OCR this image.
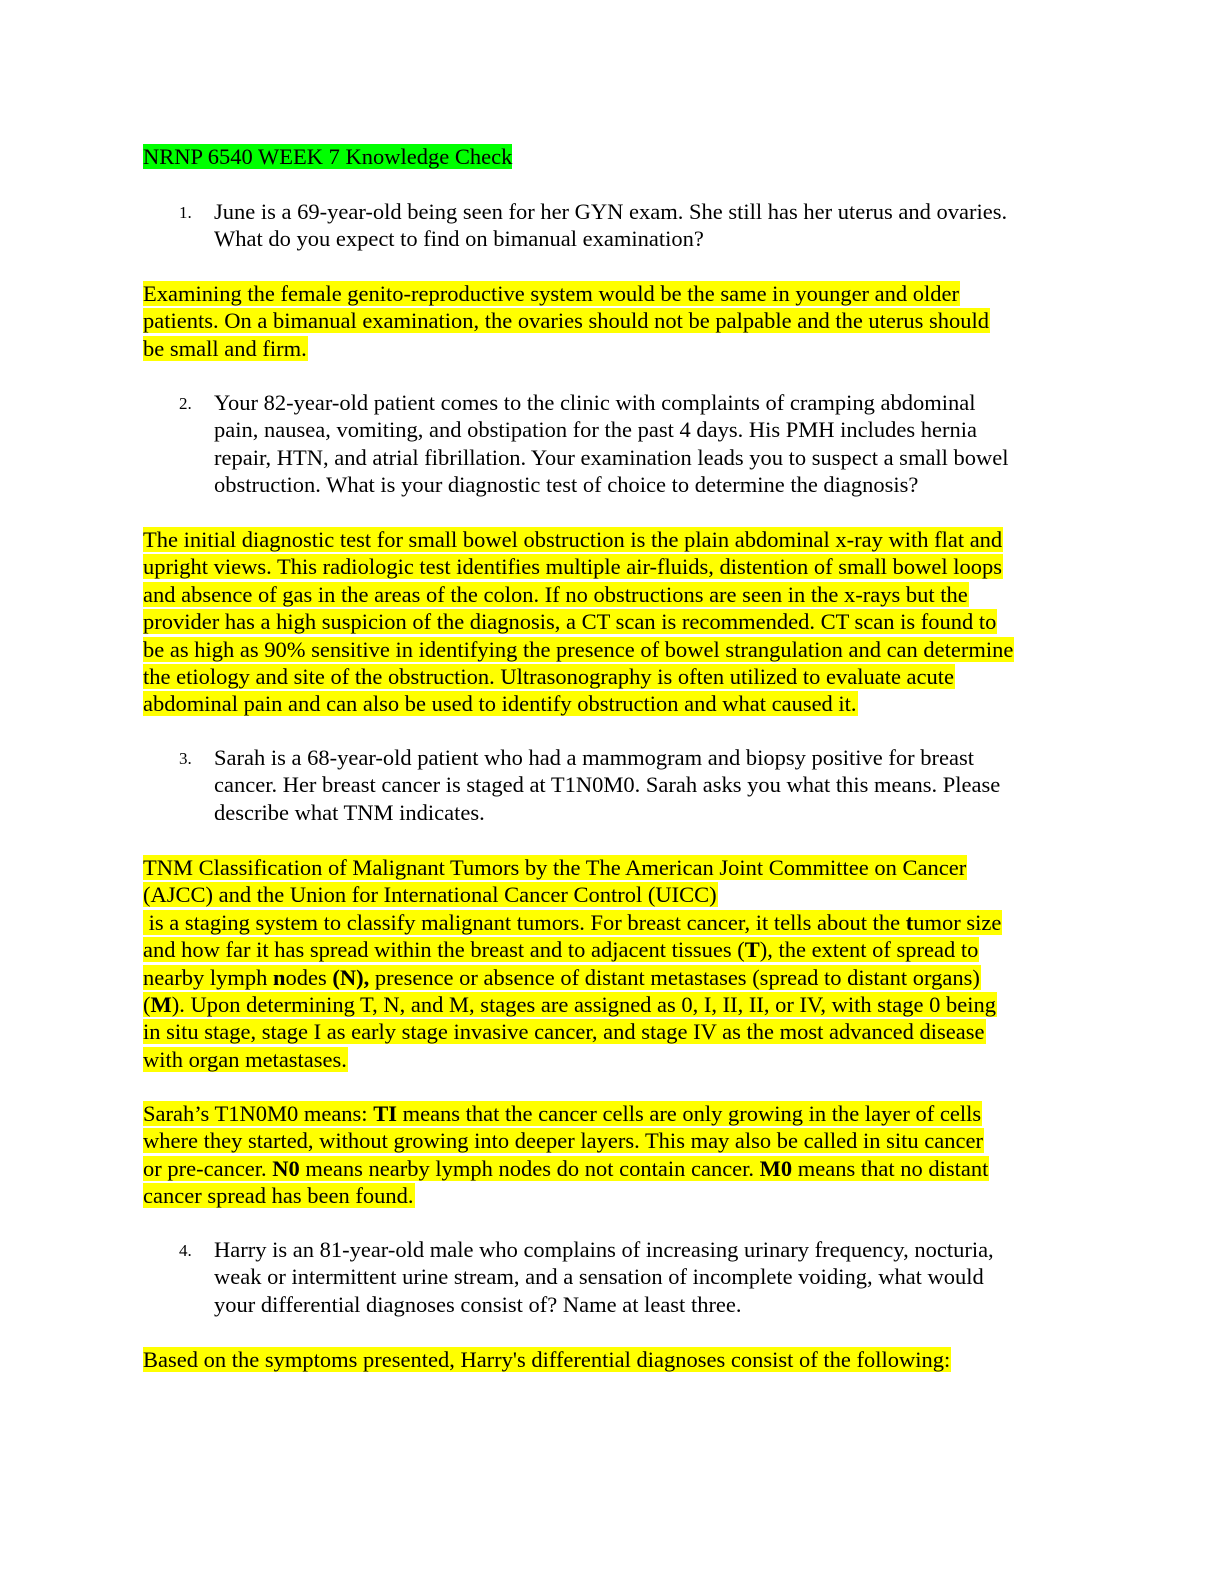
NRNP 6540 WEEK 7 Knowledge Check
1. June is a 69-year-old being seen for her GYN exam. She still has her uterus and ovaries.
What do you expect to find on bimanual examination?
Examining the female genito-reproductive system would be the same in younger and older
patients. On a bimanual examination, the ovaries should not be palpable and the uterus should
be small and firm.
2. Your 82-year-old patient comes to the clinic with complaints of cramping abdominal
pain, nausea, vomiting, and obstipation for the past 4 days. His PMH includes hernia
repair, HTN, and atrial fibrillation. Your examination leads you to suspect a small bowel
obstruction. What is your diagnostic test of choice to determine the diagnosis?
The initial diagnostic test for small bowel obstruction is the plain abdominal x-ray with flat and
upright views. This radiologic test identifies multiple air-fluids, distention of small bowel loops
and absence of gas in the areas of the colon. If no obstructions are seen in the x-rays but the
provider has a high suspicion of the diagnosis, a CT scan is recommended. CT scan is found to
be as high as 90% sensitive in identifying the presence of bowel strangulation and can determine
the etiology and site of the obstruction. Ultrasonography is often utilized to evaluate acute
abdominal pain and can also be used to identify obstruction and what caused it.
3. Sarah is a 68-year-old patient who had a mammogram and biopsy positive for breast
cancer. Her breast cancer is staged at T1N0M0. Sarah asks you what this means. Please
describe what TNM indicates.
TNM Classification of Malignant Tumors by the The American Joint Committee on Cancer
(AJCC) and the Union for International Cancer Control (UICC)
is a staging system to classify malignant tumors. For breast cancer, it tells about the tumor size
and how far it has spread within the breast and to adjacent tissues (T), the extent of spread to
nearby lymph nodes (N), presence or absence of distant metastases (spread to distant organs)
(M). Upon determining T, N, and M, stages are assigned as 0, I, II, II, or IV, with stage 0 being
in situ stage, stage I as early stage invasive cancer, and stage IV as the most advanced disease
with organ metastases.
Sarah’s T1N0M0 means: TI means that the cancer cells are only growing in the layer of cells
where they started, without growing into deeper layers. This may also be called in situ cancer
or pre-cancer. N0 means nearby lymph nodes do not contain cancer. M0 means that no distant
cancer spread has been found.
4. Harry is an 81-year-old male who complains of increasing urinary frequency, nocturia,
weak or intermittent urine stream, and a sensation of incomplete voiding, what would
your differential diagnoses consist of? Name at least three.
Based on the symptoms presented, Harry's differential diagnoses consist of the following:
